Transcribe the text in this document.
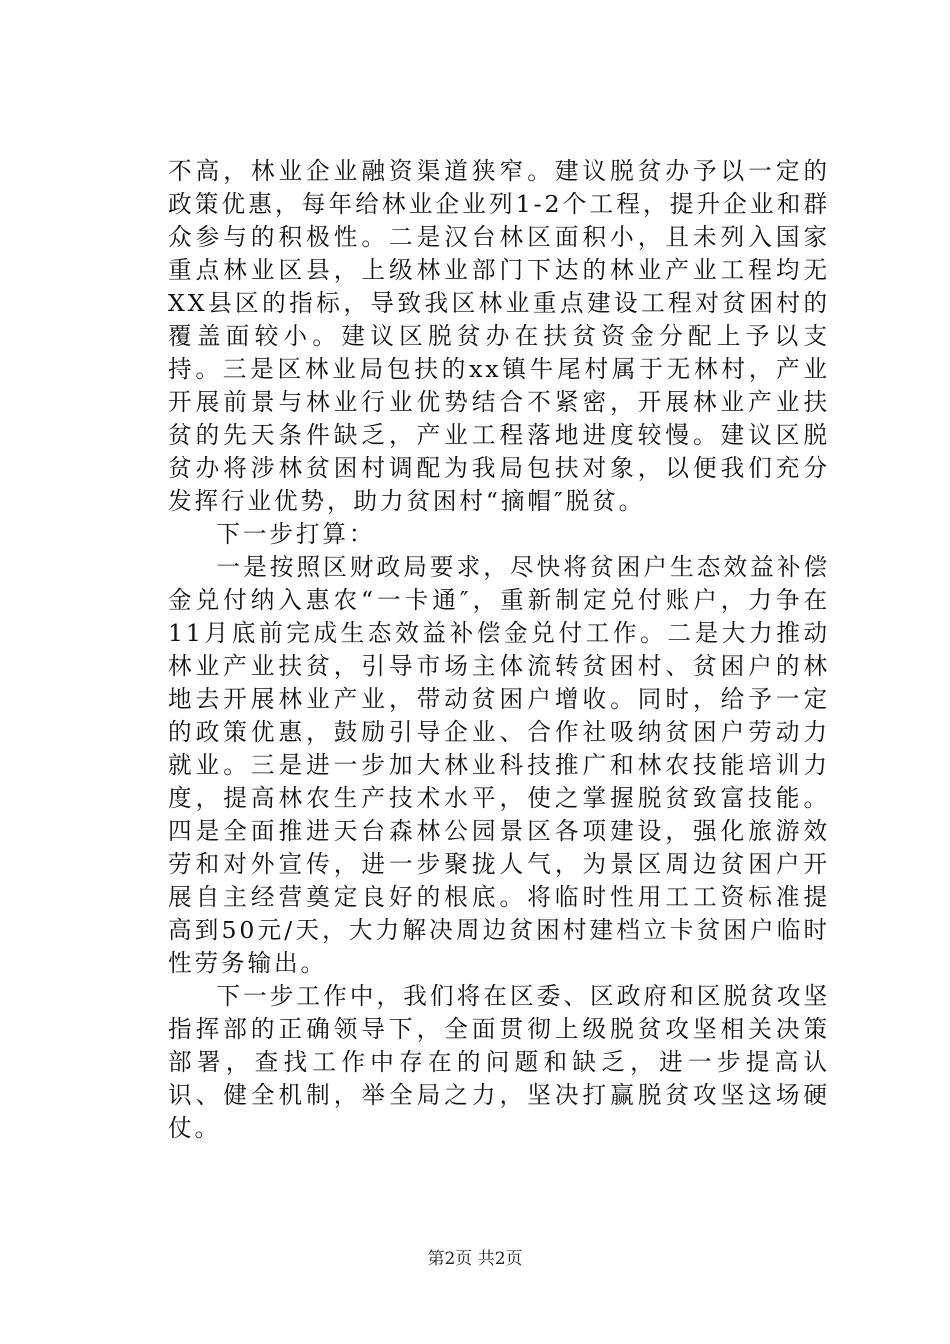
不高，林业企业融资渠道狭窄。建议脱贫办予以一定的政策优惠，每年给林业企业列1-2个工程，提升企业和群众参与的积极性。二是汉台林区面积小，且未列入国家重点林业区县，上级林业部门下达的林业产业工程均无XX县区的指标，导致我区林业重点建设工程对贫困村的覆盖面较小。建议区脱贫办在扶贫资金分配上予以支持。三是区林业局包扶的xx镇牛尾村属于无林村，产业开展前景与林业行业优势结合不紧密，开展林业产业扶贫的先天条件缺乏，产业工程落地进度较慢。建议区脱贫办将涉林贫困村调配为我局包扶对象，以便我们充分发挥行业优势，助力贫困村“摘帽″脱贫。

下一步打算：

一是按照区财政局要求，尽快将贫困户生态效益补偿金兑付纳入惠农“一卡通″，重新制定兑付账户，力争在11月底前完成生态效益补偿金兑付工作。二是大力推动林业产业扶贫，引导市场主体流转贫困村、贫困户的林地去开展林业产业，带动贫困户增收。同时，给予一定的政策优惠，鼓励引导企业、合作社吸纳贫困户劳动力就业。三是进一步加大林业科技推广和林农技能培训力度，提高林农生产技术水平，使之掌握脱贫致富技能。四是全面推进天台森林公园景区各项建设，强化旅游效劳和对外宣传，进一步聚拢人气，为景区周边贫困户开展自主经营奠定良好的根底。将临时性用工工资标准提高到50元/天，大力解决周边贫困村建档立卡贫困户临时性劳务输出。

下一步工作中，我们将在区委、区政府和区脱贫攻坚指挥部的正确领导下，全面贯彻上级脱贫攻坚相关决策部署，查找工作中存在的问题和缺乏，进一步提高认识、健全机制，举全局之力，坚决打赢脱贫攻坚这场硬仗。

第2页 共2页
